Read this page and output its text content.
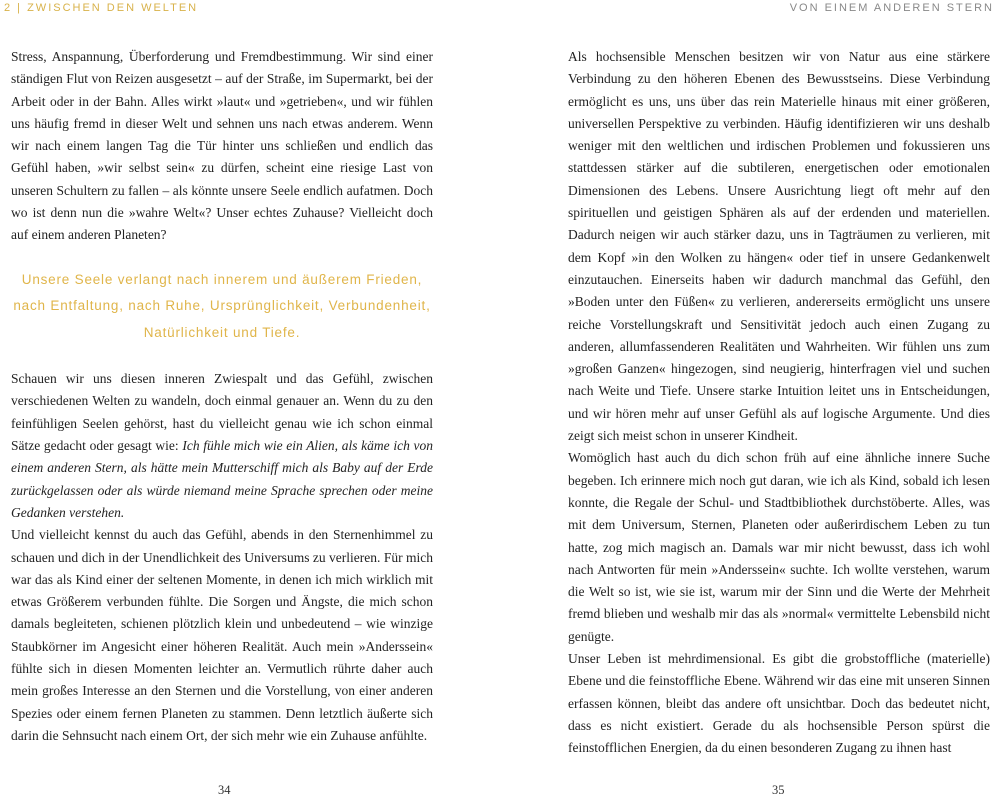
2 | ZWISCHEN DEN WELTEN	VON EINEM ANDEREN STERN

Stress, Anspannung, Überforderung und Fremdbestimmung. Wir sind einer ständigen Flut von Reizen ausgesetzt – auf der Straße, im Supermarkt, bei der Arbeit oder in der Bahn. Alles wirkt »laut« und »getrieben«, und wir fühlen uns häufig fremd in dieser Welt und sehnen uns nach etwas anderem. Wenn wir nach einem langen Tag die Tür hinter uns schließen und endlich das Gefühl haben, »wir selbst sein« zu dürfen, scheint eine riesige Last von unseren Schultern zu fallen – als könnte unsere Seele endlich aufatmen. Doch wo ist denn nun die »wahre Welt«? Unser echtes Zuhause? Vielleicht doch auf einem anderen Planeten?

Unsere Seele verlangt nach innerem und äußerem Frieden, nach Entfaltung, nach Ruhe, Ursprünglichkeit, Verbundenheit, Natürlichkeit und Tiefe.

Schauen wir uns diesen inneren Zwiespalt und das Gefühl, zwischen verschiedenen Welten zu wandeln, doch einmal genauer an. Wenn du zu den feinfühligen Seelen gehörst, hast du vielleicht genau wie ich schon einmal Sätze gedacht oder gesagt wie: Ich fühle mich wie ein Alien, als käme ich von einem anderen Stern, als hätte mein Mutterschiff mich als Baby auf der Erde zurückgelassen oder als würde niemand meine Sprache sprechen oder meine Gedanken verstehen.

Und vielleicht kennst du auch das Gefühl, abends in den Sternenhimmel zu schauen und dich in der Unendlichkeit des Universums zu verlieren. Für mich war das als Kind einer der seltenen Momente, in denen ich mich wirklich mit etwas Größerem verbunden fühlte. Die Sorgen und Ängste, die mich schon damals begleiteten, schienen plötzlich klein und unbedeutend – wie winzige Staubkörner im Angesicht einer höheren Realität. Auch mein »Anderssein« fühlte sich in diesen Momenten leichter an. Vermutlich rührte daher auch mein großes Interesse an den Sternen und die Vorstellung, von einer anderen Spezies oder einem fernen Planeten zu stammen. Denn letztlich äußerte sich darin die Sehnsucht nach einem Ort, der sich mehr wie ein Zuhause anfühlte.

Als hochsensible Menschen besitzen wir von Natur aus eine stärkere Verbindung zu den höheren Ebenen des Bewusstseins. Diese Verbindung ermöglicht es uns, uns über das rein Materielle hinaus mit einer größeren, universellen Perspektive zu verbinden. Häufig identifizieren wir uns deshalb weniger mit den weltlichen und irdischen Problemen und fokussieren uns stattdessen stärker auf die subtileren, energetischen oder emotionalen Dimensionen des Lebens. Unsere Ausrichtung liegt oft mehr auf den spirituellen und geistigen Sphären als auf der erdenden und materiellen. Dadurch neigen wir auch stärker dazu, uns in Tagträumen zu verlieren, mit dem Kopf »in den Wolken zu hängen« oder tief in unsere Gedankenwelt einzutauchen. Einerseits haben wir dadurch manchmal das Gefühl, den »Boden unter den Füßen« zu verlieren, andererseits ermöglicht uns unsere reiche Vorstellungskraft und Sensitivität jedoch auch einen Zugang zu anderen, allumfassenderen Realitäten und Wahrheiten. Wir fühlen uns zum »großen Ganzen« hingezogen, sind neugierig, hinterfragen viel und suchen nach Weite und Tiefe. Unsere starke Intuition leitet uns in Entscheidungen, und wir hören mehr auf unser Gefühl als auf logische Argumente. Und dies zeigt sich meist schon in unserer Kindheit.

Womöglich hast auch du dich schon früh auf eine ähnliche innere Suche begeben. Ich erinnere mich noch gut daran, wie ich als Kind, sobald ich lesen konnte, die Regale der Schul- und Stadtbibliothek durchstöberte. Alles, was mit dem Universum, Sternen, Planeten oder außerirdischem Leben zu tun hatte, zog mich magisch an. Damals war mir nicht bewusst, dass ich wohl nach Antworten für mein »Anderssein« suchte. Ich wollte verstehen, warum die Welt so ist, wie sie ist, warum mir der Sinn und die Werte der Mehrheit fremd blieben und weshalb mir das als »normal« vermittelte Lebensbild nicht genügte.

Unser Leben ist mehrdimensional. Es gibt die grobstoffliche (materielle) Ebene und die feinstoffliche Ebene. Während wir das eine mit unseren Sinnen erfassen können, bleibt das andere oft unsichtbar. Doch das bedeutet nicht, dass es nicht existiert. Gerade du als hochsensible Person spürst die feinstofflichen Energien, da du einen besonderen Zugang zu ihnen hast

34	35
